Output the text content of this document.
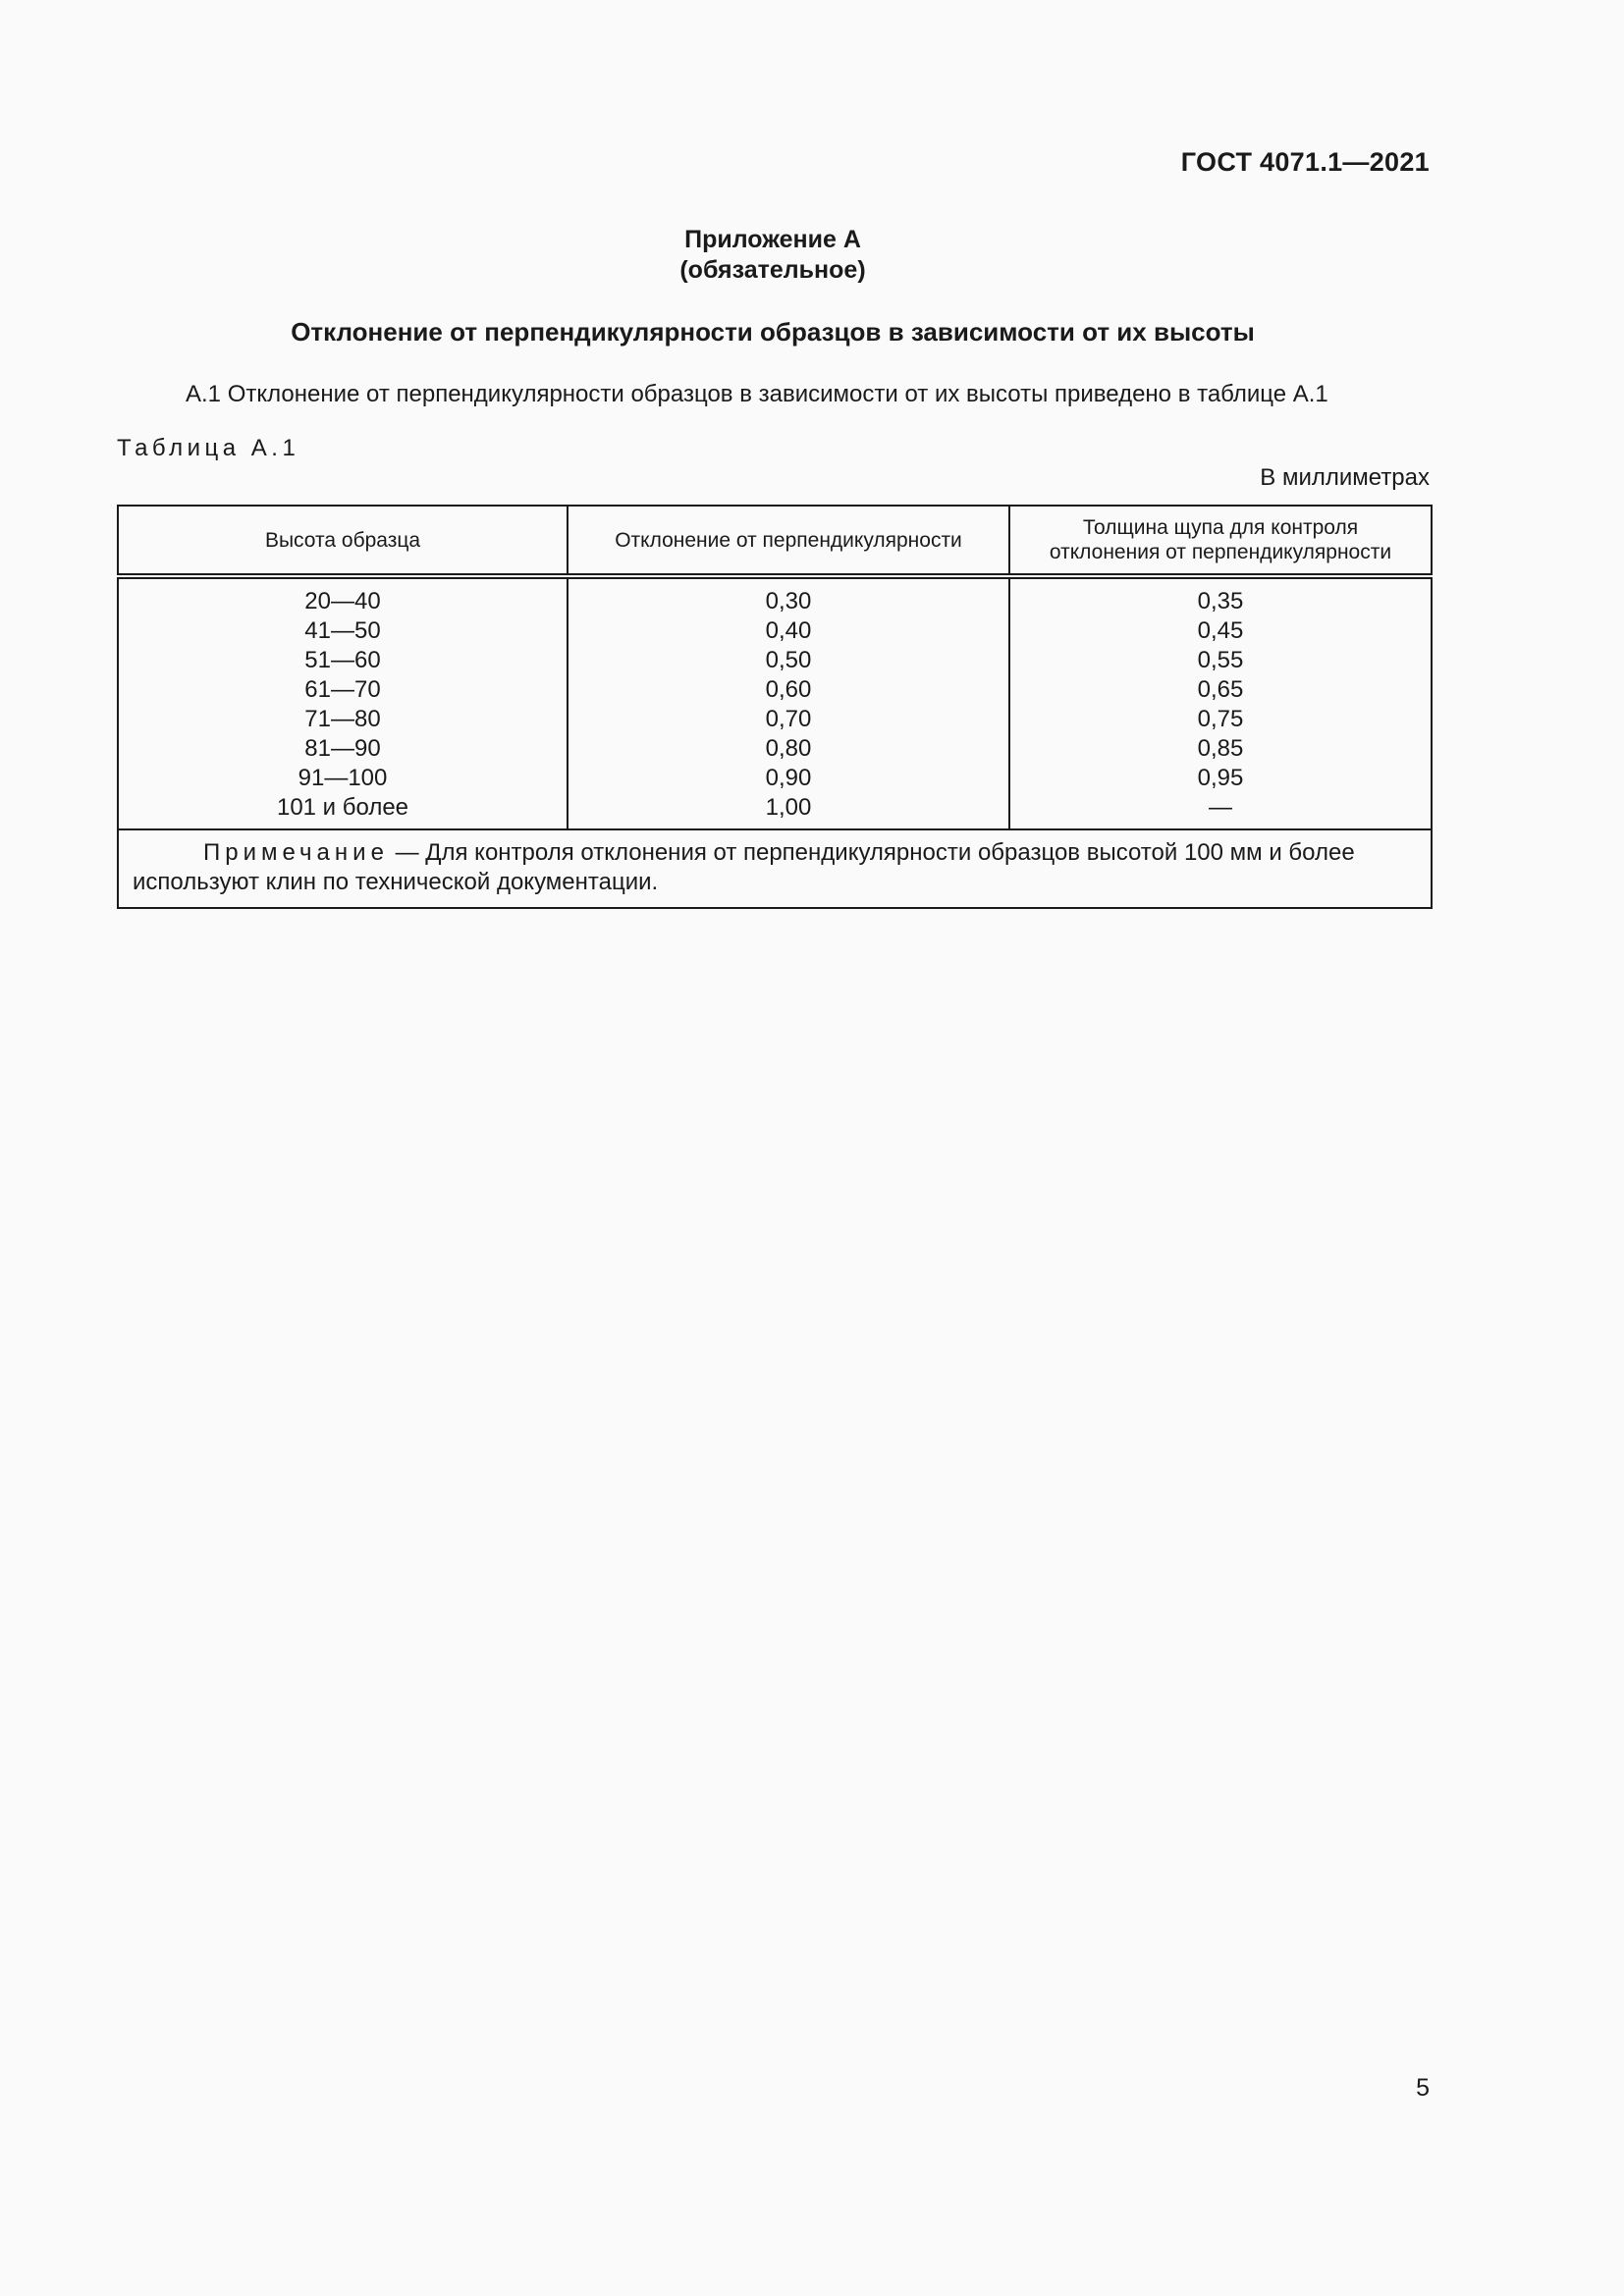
ГОСТ 4071.1—2021
Приложение А
(обязательное)
Отклонение от перпендикулярности образцов в зависимости от их высоты
А.1 Отклонение от перпендикулярности образцов в зависимости от их высоты приведено в таблице А.1
Таблица А.1
В миллиметрах
Высота образца	Отклонение от перпендикулярности	Толщина щупа для контроля отклонения от перпендикулярности
20—40	0,30	0,35
41—50	0,40	0,45
51—60	0,50	0,55
61—70	0,60	0,65
71—80	0,70	0,75
81—90	0,80	0,85
91—100	0,90	0,95
101 и более	1,00	—
Примечание — Для контроля отклонения от перпендикулярности образцов высотой 100 мм и более используют клин по технической документации.		
5
